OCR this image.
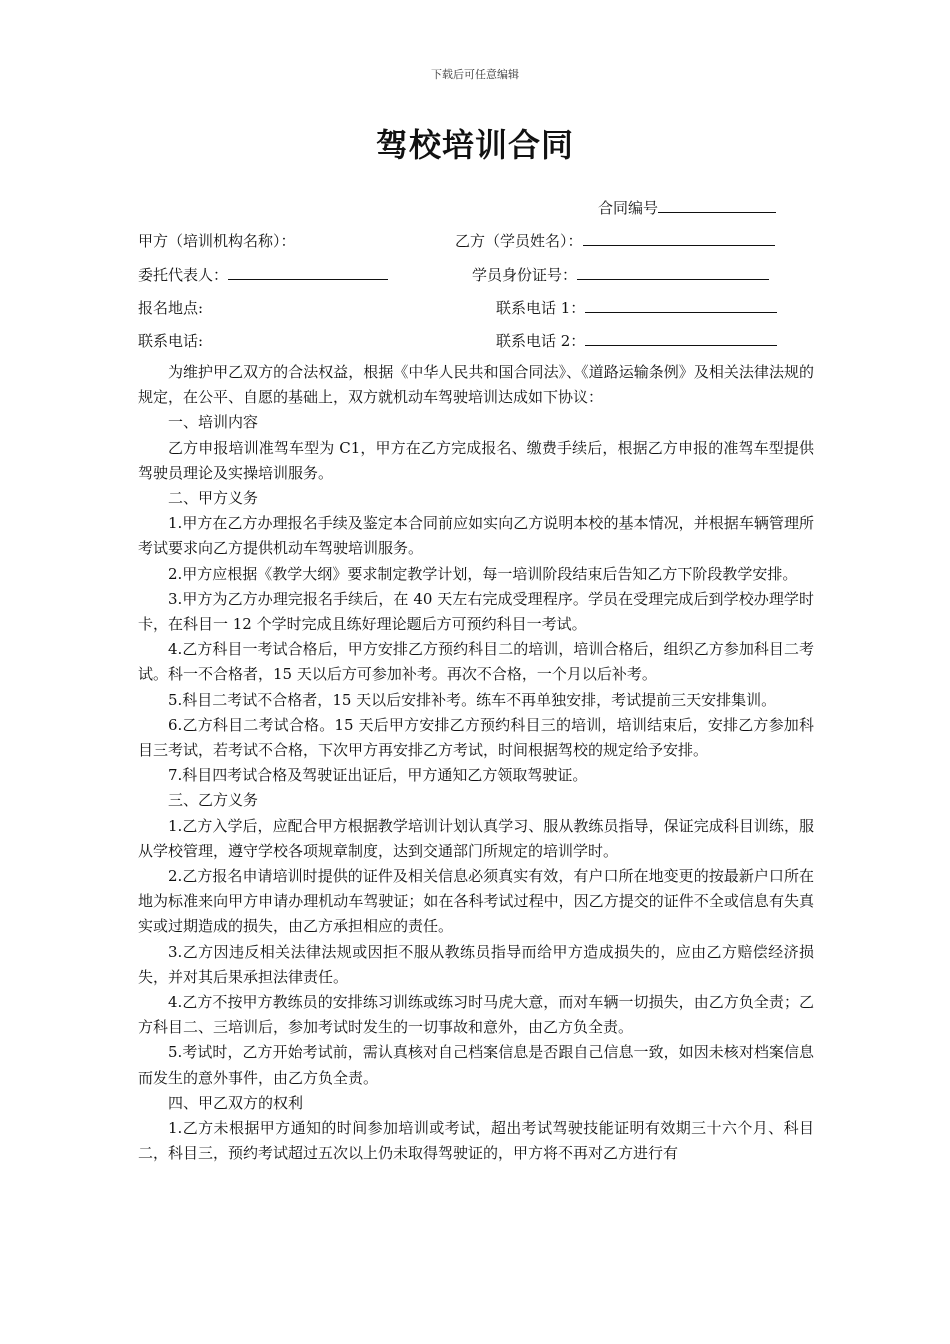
下载后可任意编辑
驾校培训合同
合同编号
甲方（培训机构名称）：	乙方（学员姓名）：
委托代表人：	学员身份证号：
报名地点:	联系电话 1：
联系电话:	联系电话 2：

为维护甲乙双方的合法权益，根据《中华人民共和国合同法》、《道路运输条例》及相关法律法规的规定，在公平、自愿的基础上，双方就机动车驾驶培训达成如下协议：

一、培训内容

乙方申报培训准驾车型为 C1，甲方在乙方完成报名、缴费手续后，根据乙方申报的准驾车型提供驾驶员理论及实操培训服务。

二、甲方义务

1.甲方在乙方办理报名手续及鉴定本合同前应如实向乙方说明本校的基本情况，并根据车辆管理所考试要求向乙方提供机动车驾驶培训服务。

2.甲方应根据《教学大纲》要求制定教学计划，每一培训阶段结束后告知乙方下阶段教学安排。

3.甲方为乙方办理完报名手续后，在 40 天左右完成受理程序。学员在受理完成后到学校办理学时卡，在科目一 12 个学时完成且练好理论题后方可预约科目一考试。

4.乙方科目一考试合格后，甲方安排乙方预约科目二的培训，培训合格后，组织乙方参加科目二考试。科一不合格者，15 天以后方可参加补考。再次不合格，一个月以后补考。

5.科目二考试不合格者，15 天以后安排补考。练车不再单独安排，考试提前三天安排集训。

6.乙方科目二考试合格。15 天后甲方安排乙方预约科目三的培训，培训结束后，安排乙方参加科目三考试，若考试不合格，下次甲方再安排乙方考试，时间根据驾校的规定给予安排。

7.科目四考试合格及驾驶证出证后，甲方通知乙方领取驾驶证。

三、乙方义务

1.乙方入学后，应配合甲方根据教学培训计划认真学习、服从教练员指导，保证完成科目训练，服从学校管理，遵守学校各项规章制度，达到交通部门所规定的培训学时。

2.乙方报名申请培训时提供的证件及相关信息必须真实有效，有户口所在地变更的按最新户口所在地为标准来向甲方申请办理机动车驾驶证；如在各科考试过程中，因乙方提交的证件不全或信息有失真实或过期造成的损失，由乙方承担相应的责任。

3.乙方因违反相关法律法规或因拒不服从教练员指导而给甲方造成损失的，应由乙方赔偿经济损失，并对其后果承担法律责任。

4.乙方不按甲方教练员的安排练习训练或练习时马虎大意，而对车辆一切损失，由乙方负全责；乙方科目二、三培训后，参加考试时发生的一切事故和意外，由乙方负全责。

5.考试时，乙方开始考试前，需认真核对自己档案信息是否跟自己信息一致，如因未核对档案信息而发生的意外事件，由乙方负全责。

四、甲乙双方的权利

1.乙方未根据甲方通知的时间参加培训或考试，超出考试驾驶技能证明有效期三十六个月、科目二，科目三，预约考试超过五次以上仍未取得驾驶证的，甲方将不再对乙方进行有
